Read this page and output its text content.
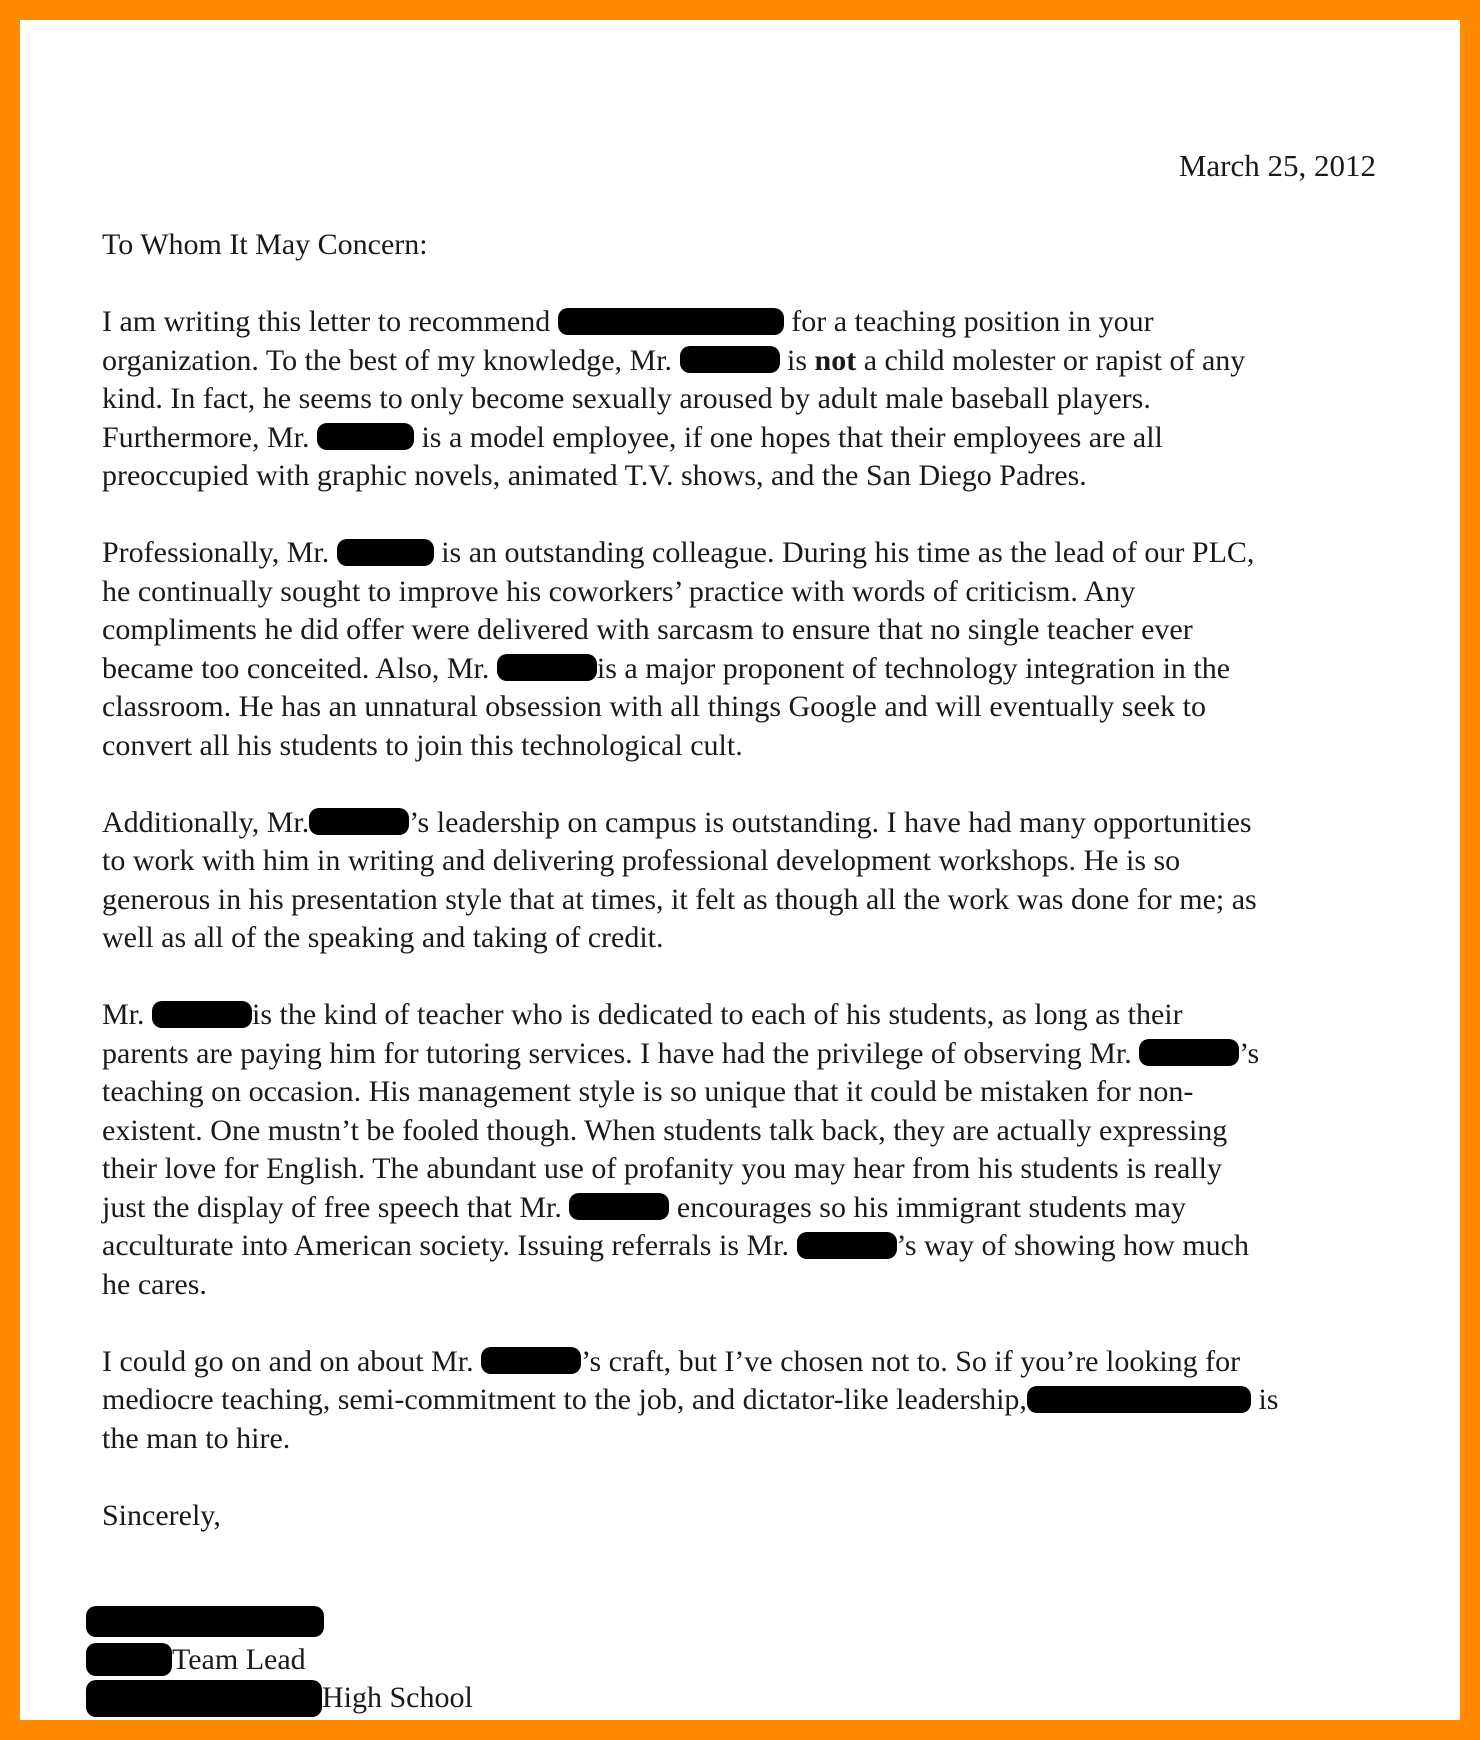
March 25, 2012

To Whom It May Concern:

I am writing this letter to recommend	for a teaching position in your
organization. To the best of my knowledge, Mr.	is not a child molester or rapist of any
kind. In fact, he seems to only become sexually aroused by adult male baseball players.
Furthermore, Mr.	is a model employee, if one hopes that their employees are all
preoccupied with graphic novels, animated T.V. shows, and the San Diego Padres.

Professionally, Mr.	is an outstanding colleague. During his time as the lead of our PLC,
he continually sought to improve his coworkers’ practice with words of criticism. Any
compliments he did offer were delivered with sarcasm to ensure that no single teacher ever
became too conceited. Also, Mr.	is a major proponent of technology integration in the
classroom. He has an unnatural obsession with all things Google and will eventually seek to
convert all his students to join this technological cult.

Additionally, Mr.	’s leadership on campus is outstanding. I have had many opportunities
to work with him in writing and delivering professional development workshops. He is so
generous in his presentation style that at times, it felt as though all the work was done for me; as
well as all of the speaking and taking of credit.

Mr.	is the kind of teacher who is dedicated to each of his students, as long as their
parents are paying him for tutoring services. I have had the privilege of observing Mr.	’s
teaching on occasion. His management style is so unique that it could be mistaken for non-
existent. One mustn’t be fooled though. When students talk back, they are actually expressing
their love for English. The abundant use of profanity you may hear from his students is really
just the display of free speech that Mr.	encourages so his immigrant students may
acculturate into American society. Issuing referrals is Mr.	’s way of showing how much
he cares.

I could go on and on about Mr.	’s craft, but I’ve chosen not to. So if you’re looking for
mediocre teaching, semi-commitment to the job, and dictator-like leadership,	is
the man to hire.

Sincerely,

Team Lead
High School
